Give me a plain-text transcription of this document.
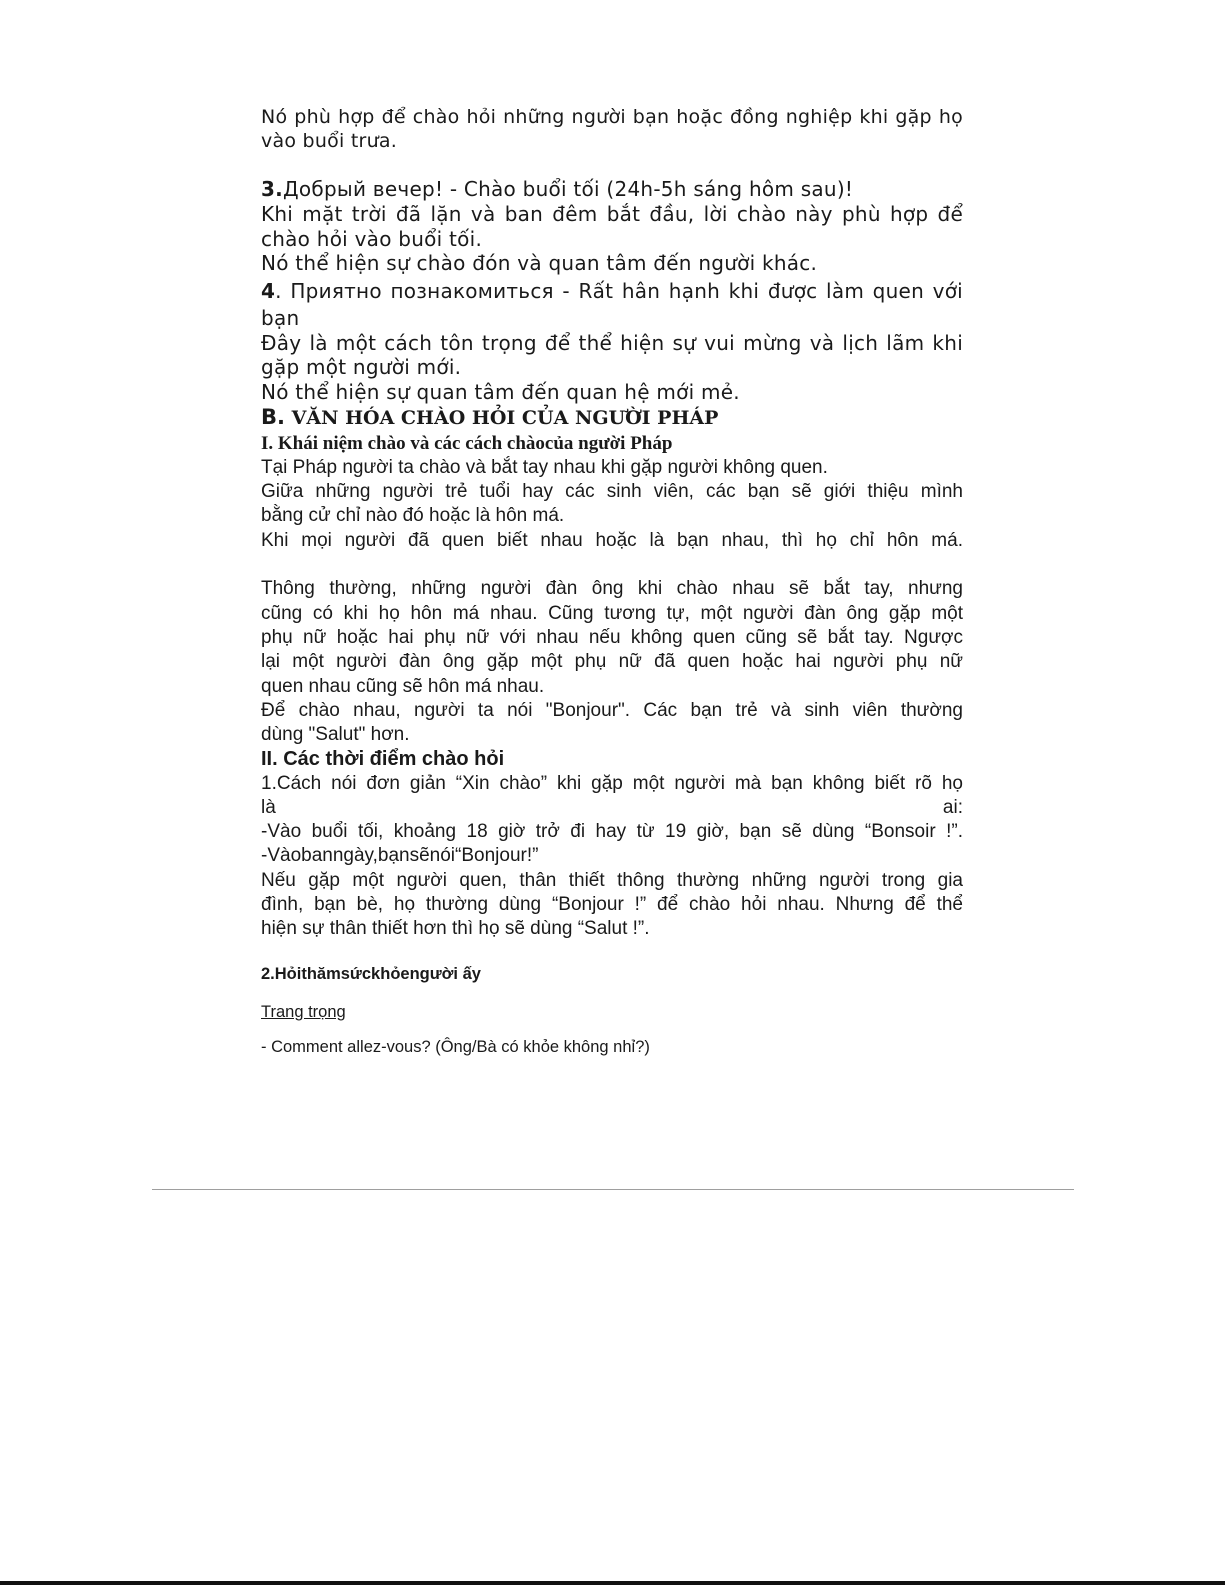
Nó phù hợp để chào hỏi những người bạn hoặc đồng nghiệp khi gặp họ
vào buổi trưa.
3.Добрый вечер! - Chào buổi tối (24h-5h sáng hôm sau)!
Khi mặt trời đã lặn và ban đêm bắt đầu, lời chào này phù hợp để
chào hỏi vào buổi tối.
Nó thể hiện sự chào đón và quan tâm đến người khác.
4. Приятно познакомиться - Rất hân hạnh khi được làm quen với
bạn
Đây là một cách tôn trọng để thể hiện sự vui mừng và lịch lãm khi
gặp một người mới.
Nó thể hiện sự quan tâm đến quan hệ mới mẻ.
B. VĂN HÓA CHÀO HỎI CỦA NGƯỜI PHÁP
I. Khái niệm chào và các cách chàocủa người Pháp
Tại Pháp người ta chào và bắt tay nhau khi gặp người không quen.
Giữa những người trẻ tuổi hay các sinh viên, các bạn sẽ giới thiệu mình
bằng cử chỉ nào đó hoặc là hôn má.
Khi mọi người đã quen biết nhau hoặc là bạn nhau, thì họ chỉ hôn má.
Thông thường, những người đàn ông khi chào nhau sẽ bắt tay, nhưng
cũng có khi họ hôn má nhau. Cũng tương tự, một người đàn ông gặp một
phụ nữ hoặc hai phụ nữ với nhau nếu không quen cũng sẽ bắt tay. Ngược
lại một người đàn ông gặp một phụ nữ đã quen hoặc hai người phụ nữ
quen nhau cũng sẽ hôn má nhau.
Để chào nhau, người ta nói "Bonjour". Các bạn trẻ và sinh viên thường
dùng "Salut" hơn.
II. Các thời điểm chào hỏi
1.Cách nói đơn giản “Xin chào” khi gặp một người mà bạn không biết rõ họ
là	ai:
-Vào buổi tối, khoảng 18 giờ trở đi hay từ 19 giờ, bạn sẽ dùng “Bonsoir !”.
-Vàobanngày,bạnsẽnói“Bonjour!”
Nếu gặp một người quen, thân thiết thông thường những người trong gia
đình, bạn bè, họ thường dùng “Bonjour !” để chào hỏi nhau. Nhưng để thể
hiện sự thân thiết hơn thì họ sẽ dùng “Salut !”.
2.Hỏithămsứckhỏengười ấy
Trang trọng
- Comment allez-vous? (Ông/Bà có khỏe không nhỉ?)
